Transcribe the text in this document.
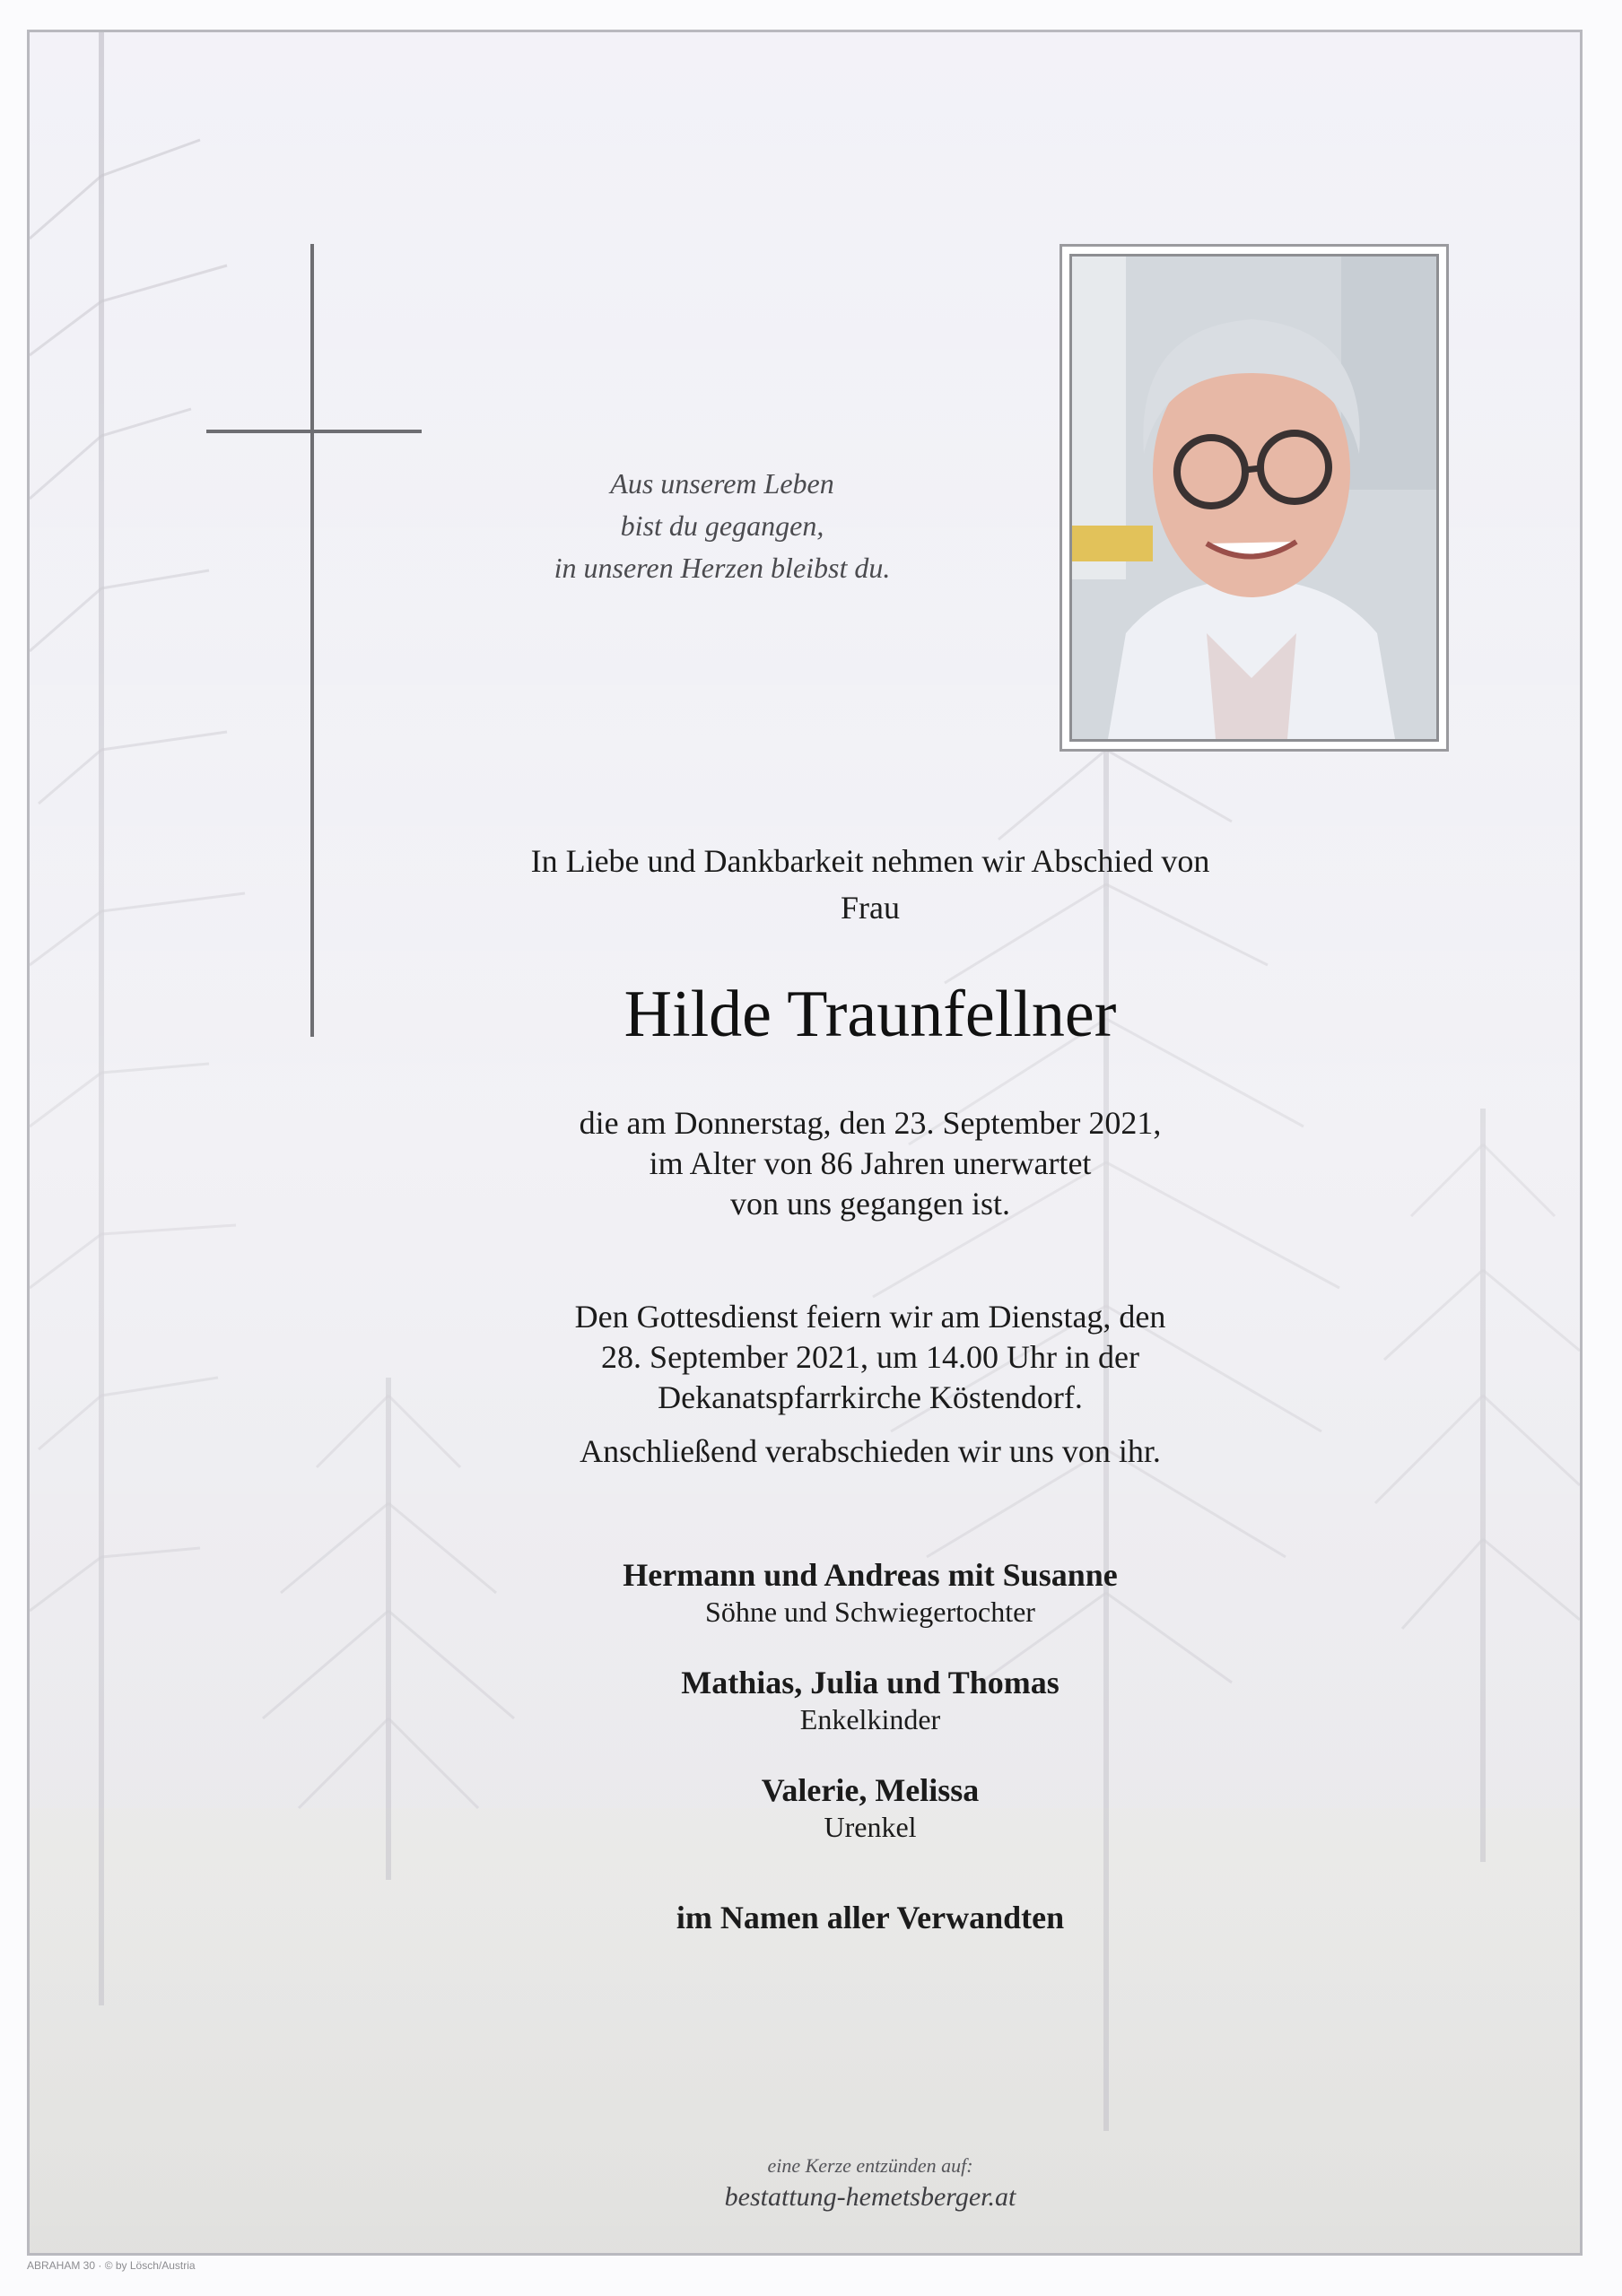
Aus unserem Leben
bist du gegangen,
in unseren Herzen bleibst du.
In Liebe und Dankbarkeit nehmen wir Abschied von
Frau
Hilde Traunfellner
die am Donnerstag, den 23. September 2021,
im Alter von 86 Jahren unerwartet
von uns gegangen ist.
Den Gottesdienst feiern wir am Dienstag, den
28. September 2021, um 14.00 Uhr in der
Dekanatspfarrkirche Köstendorf.
Anschließend verabschieden wir uns von ihr.
Hermann und Andreas mit Susanne
Söhne und Schwiegertochter
Mathias, Julia und Thomas
Enkelkinder
Valerie, Melissa
Urenkel
im Namen aller Verwandten
eine Kerze entzünden auf:
bestattung-hemetsberger.at
ABRAHAM 30 · © by Lösch/Austria
